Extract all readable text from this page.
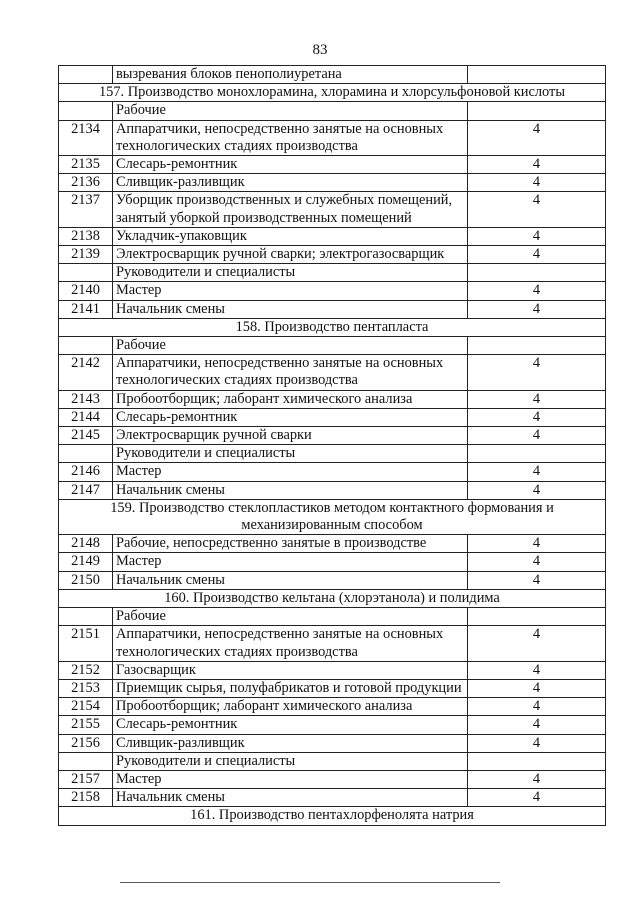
83
	вызревания блоков пенополиуретана	
157. Производство монохлорамина, хлорамина и хлорсульфоновой кислоты		
	Рабочие	
2134	Аппаратчики, непосредственно занятые на основных технологических стадиях производства	4
2135	Слесарь-ремонтник	4
2136	Сливщик-разливщик	4
2137	Уборщик производственных и служебных помещений, занятый уборкой производственных помещений	4
2138	Укладчик-упаковщик	4
2139	Электросварщик ручной сварки; электрогазосварщик	4
	Руководители и специалисты	
2140	Мастер	4
2141	Начальник смены	4
158. Производство пентапласта		
	Рабочие	
2142	Аппаратчики, непосредственно занятые на основных технологических стадиях производства	4
2143	Пробоотборщик; лаборант химического анализа	4
2144	Слесарь-ремонтник	4
2145	Электросварщик ручной сварки	4
	Руководители и специалисты	
2146	Мастер	4
2147	Начальник смены	4
159. Производство стеклопластиков методом контактного формования и механизированным способом		
2148	Рабочие, непосредственно занятые в производстве	4
2149	Мастер	4
2150	Начальник смены	4
160. Производство кельтана (хлорэтанола) и полидима		
	Рабочие	
2151	Аппаратчики, непосредственно занятые на основных технологических стадиях производства	4
2152	Газосварщик	4
2153	Приемщик сырья, полуфабрикатов и готовой продукции	4
2154	Пробоотборщик; лаборант химического анализа	4
2155	Слесарь-ремонтник	4
2156	Сливщик-разливщик	4
	Руководители и специалисты	
2157	Мастер	4
2158	Начальник смены	4
161. Производство пентахлорфенолята натрия		
